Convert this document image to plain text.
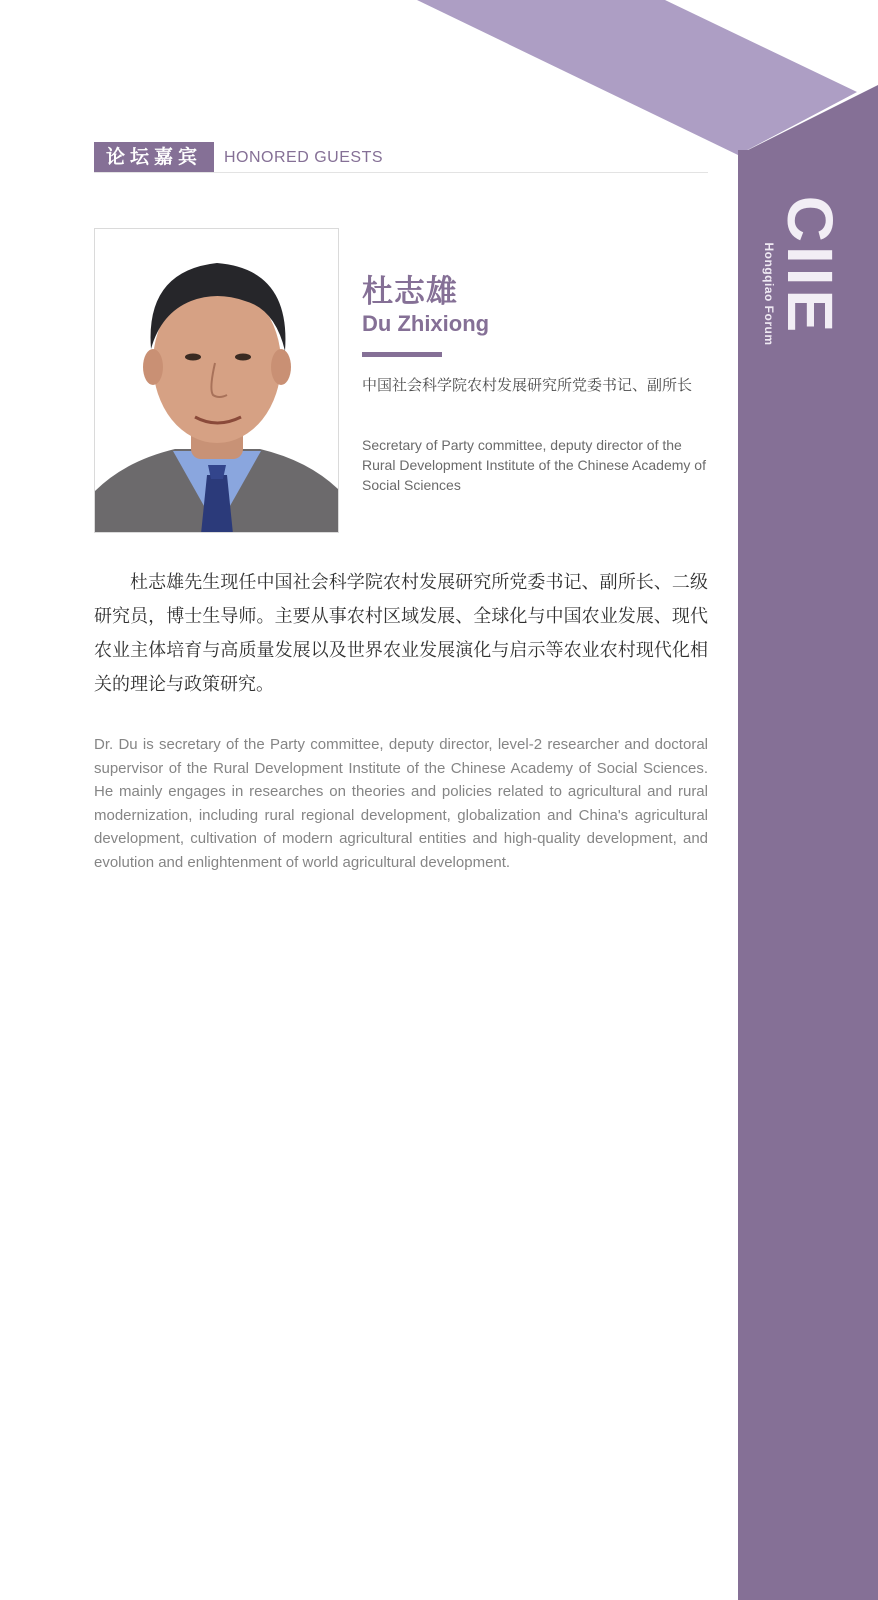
CIIE
Hongqiao Forum
论坛嘉宾	HONORED GUESTS
杜志雄
Du Zhixiong
中国社会科学院农村发展研究所党委书记、副所长
Secretary of Party committee, deputy director of the Rural Development Institute of the Chinese Academy of Social Sciences

杜志雄先生现任中国社会科学院农村发展研究所党委书记、副所长、二级研究员，博士生导师。主要从事农村区域发展、全球化与中国农业发展、现代农业主体培育与高质量发展以及世界农业发展演化与启示等农业农村现代化相关的理论与政策研究。

Dr. Du is secretary of the Party committee, deputy director, level-2 researcher and doctoral supervisor of the Rural Development Institute of the Chinese Academy of Social Sciences. He mainly engages in researches on theories and policies related to agricultural and rural modernization, including rural regional development, globalization and China's agricultural development, cultivation of modern agricultural entities and high-quality development, and evolution and enlightenment of world agricultural development.
